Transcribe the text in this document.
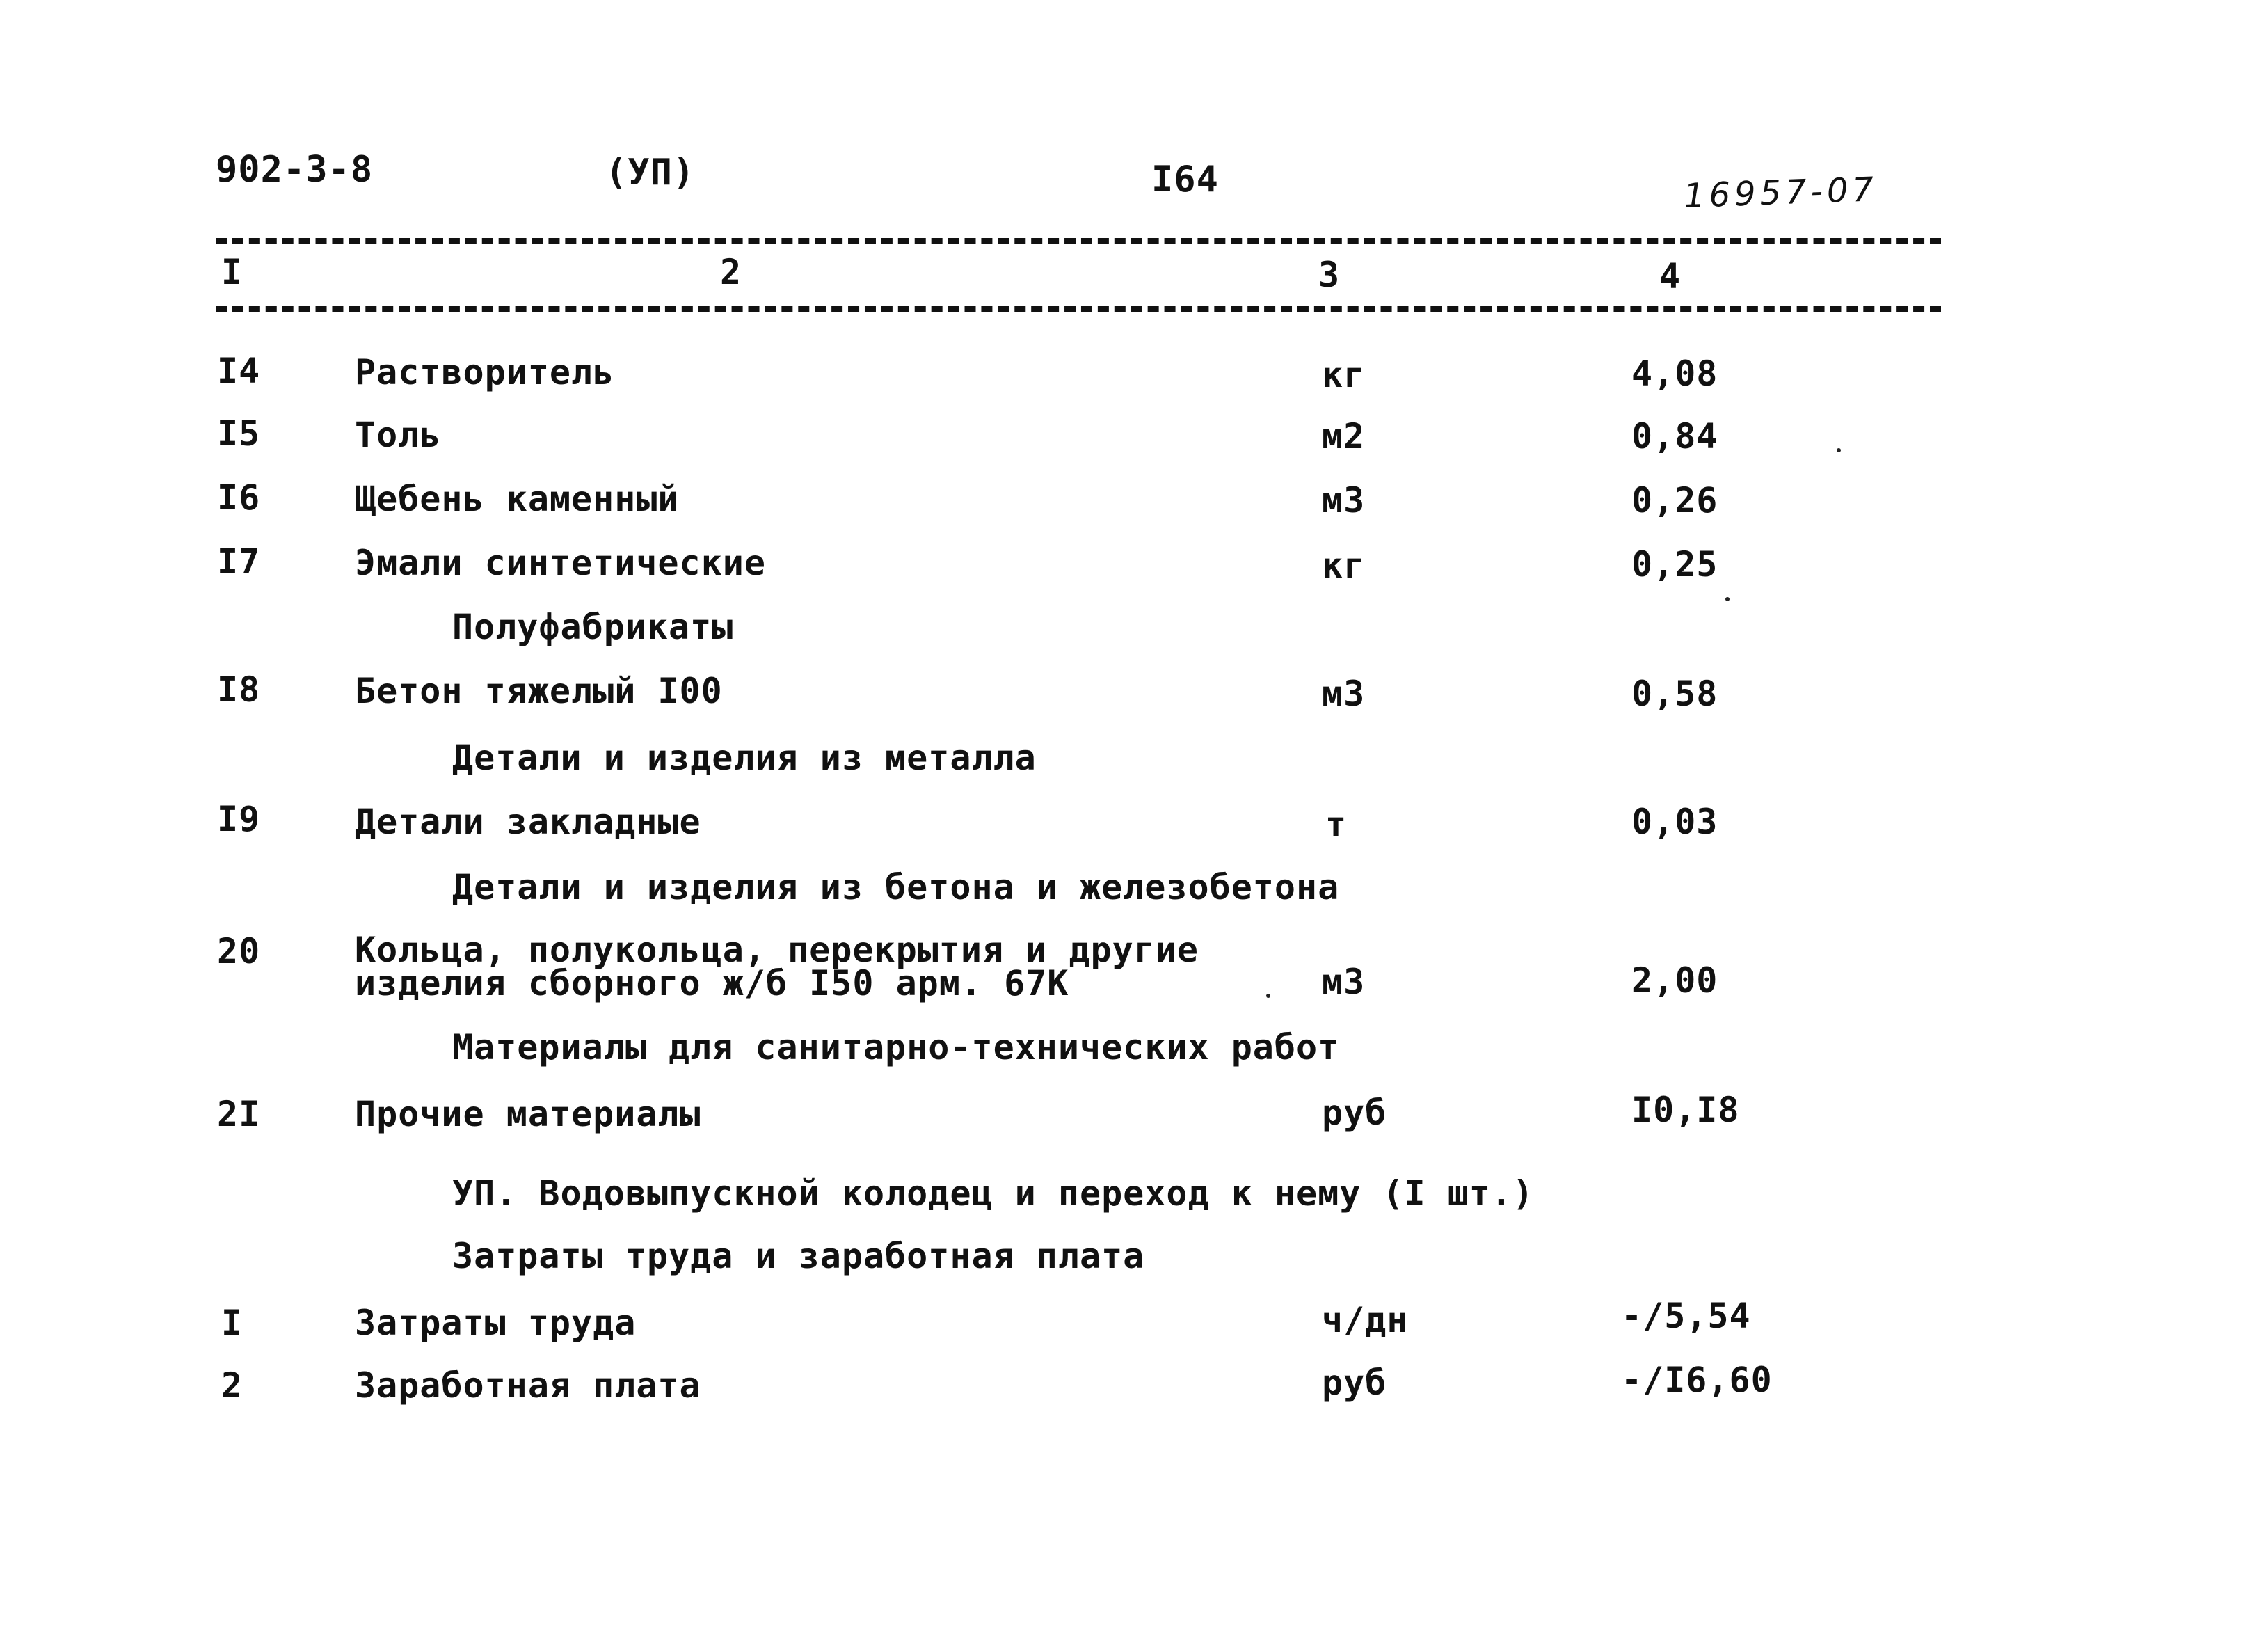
902-3-8	(УП)	I64	16957-07
I	2	3	4
I4	Растворитель	кг	4,08
I5	Толь	м2	0,84
I6	Щебень каменный	м3	0,26
I7	Эмали синтетические	кг	0,25
Полуфабрикаты
I8	Бетон тяжелый I00	м3	0,58
Детали и изделия из металла
I9	Детали закладные	т	0,03
Детали и изделия из бетона и железобетона
20	Кольца, полукольца, перекрытия и другие
изделия сборного ж/б I50 арм. 67К	м3	2,00
Материалы для санитарно-технических работ
2I	Прочие материалы	руб	I0,I8
УП. Водовыпускной колодец и переход к нему (I шт.)
Затраты труда и заработная плата
I	Затраты труда	ч/дн	-/5,54
2	Заработная плата	руб	-/I6,60
